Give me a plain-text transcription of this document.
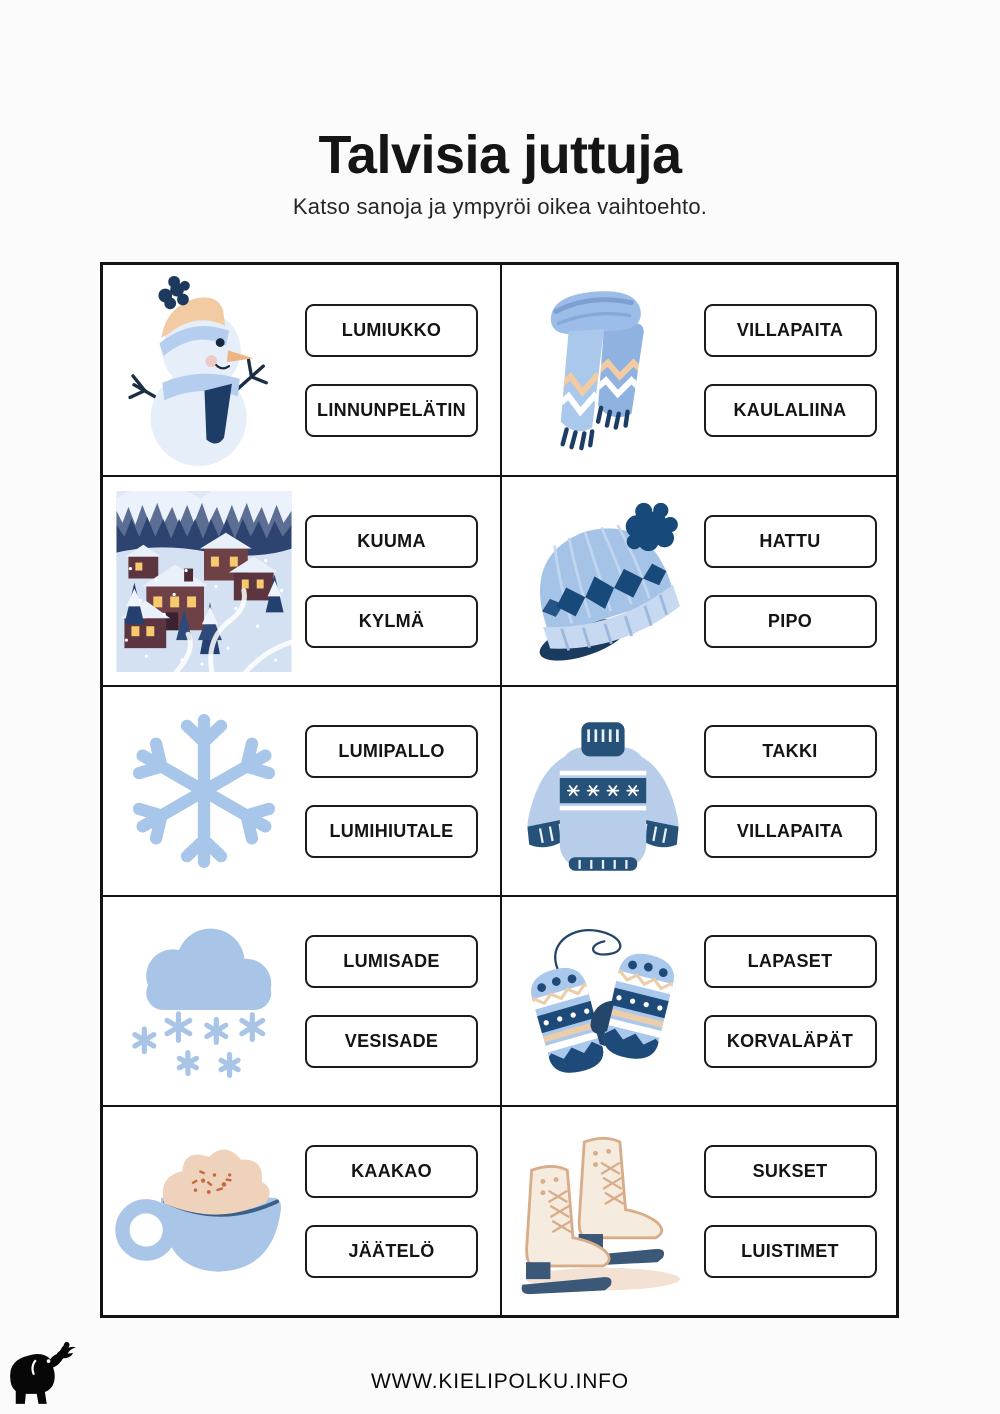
Talvisia juttuja

Katso sanoja ja ympyröi oikea vaihtoehto.

LUMIUKKO
LINNUNPELÄTIN
VILLAPAITA
KAULALIINA
KUUMA
KYLMÄ
HATTU
PIPO
LUMIPALLO
LUMIHIUTALE
TAKKI
VILLAPAITA
LUMISADE
VESISADE
LAPASET
KORVALÄPÄT
KAAKAO
JÄÄTELÖ
SUKSET
LUISTIMET
WWW.KIELIPOLKU.INFO
